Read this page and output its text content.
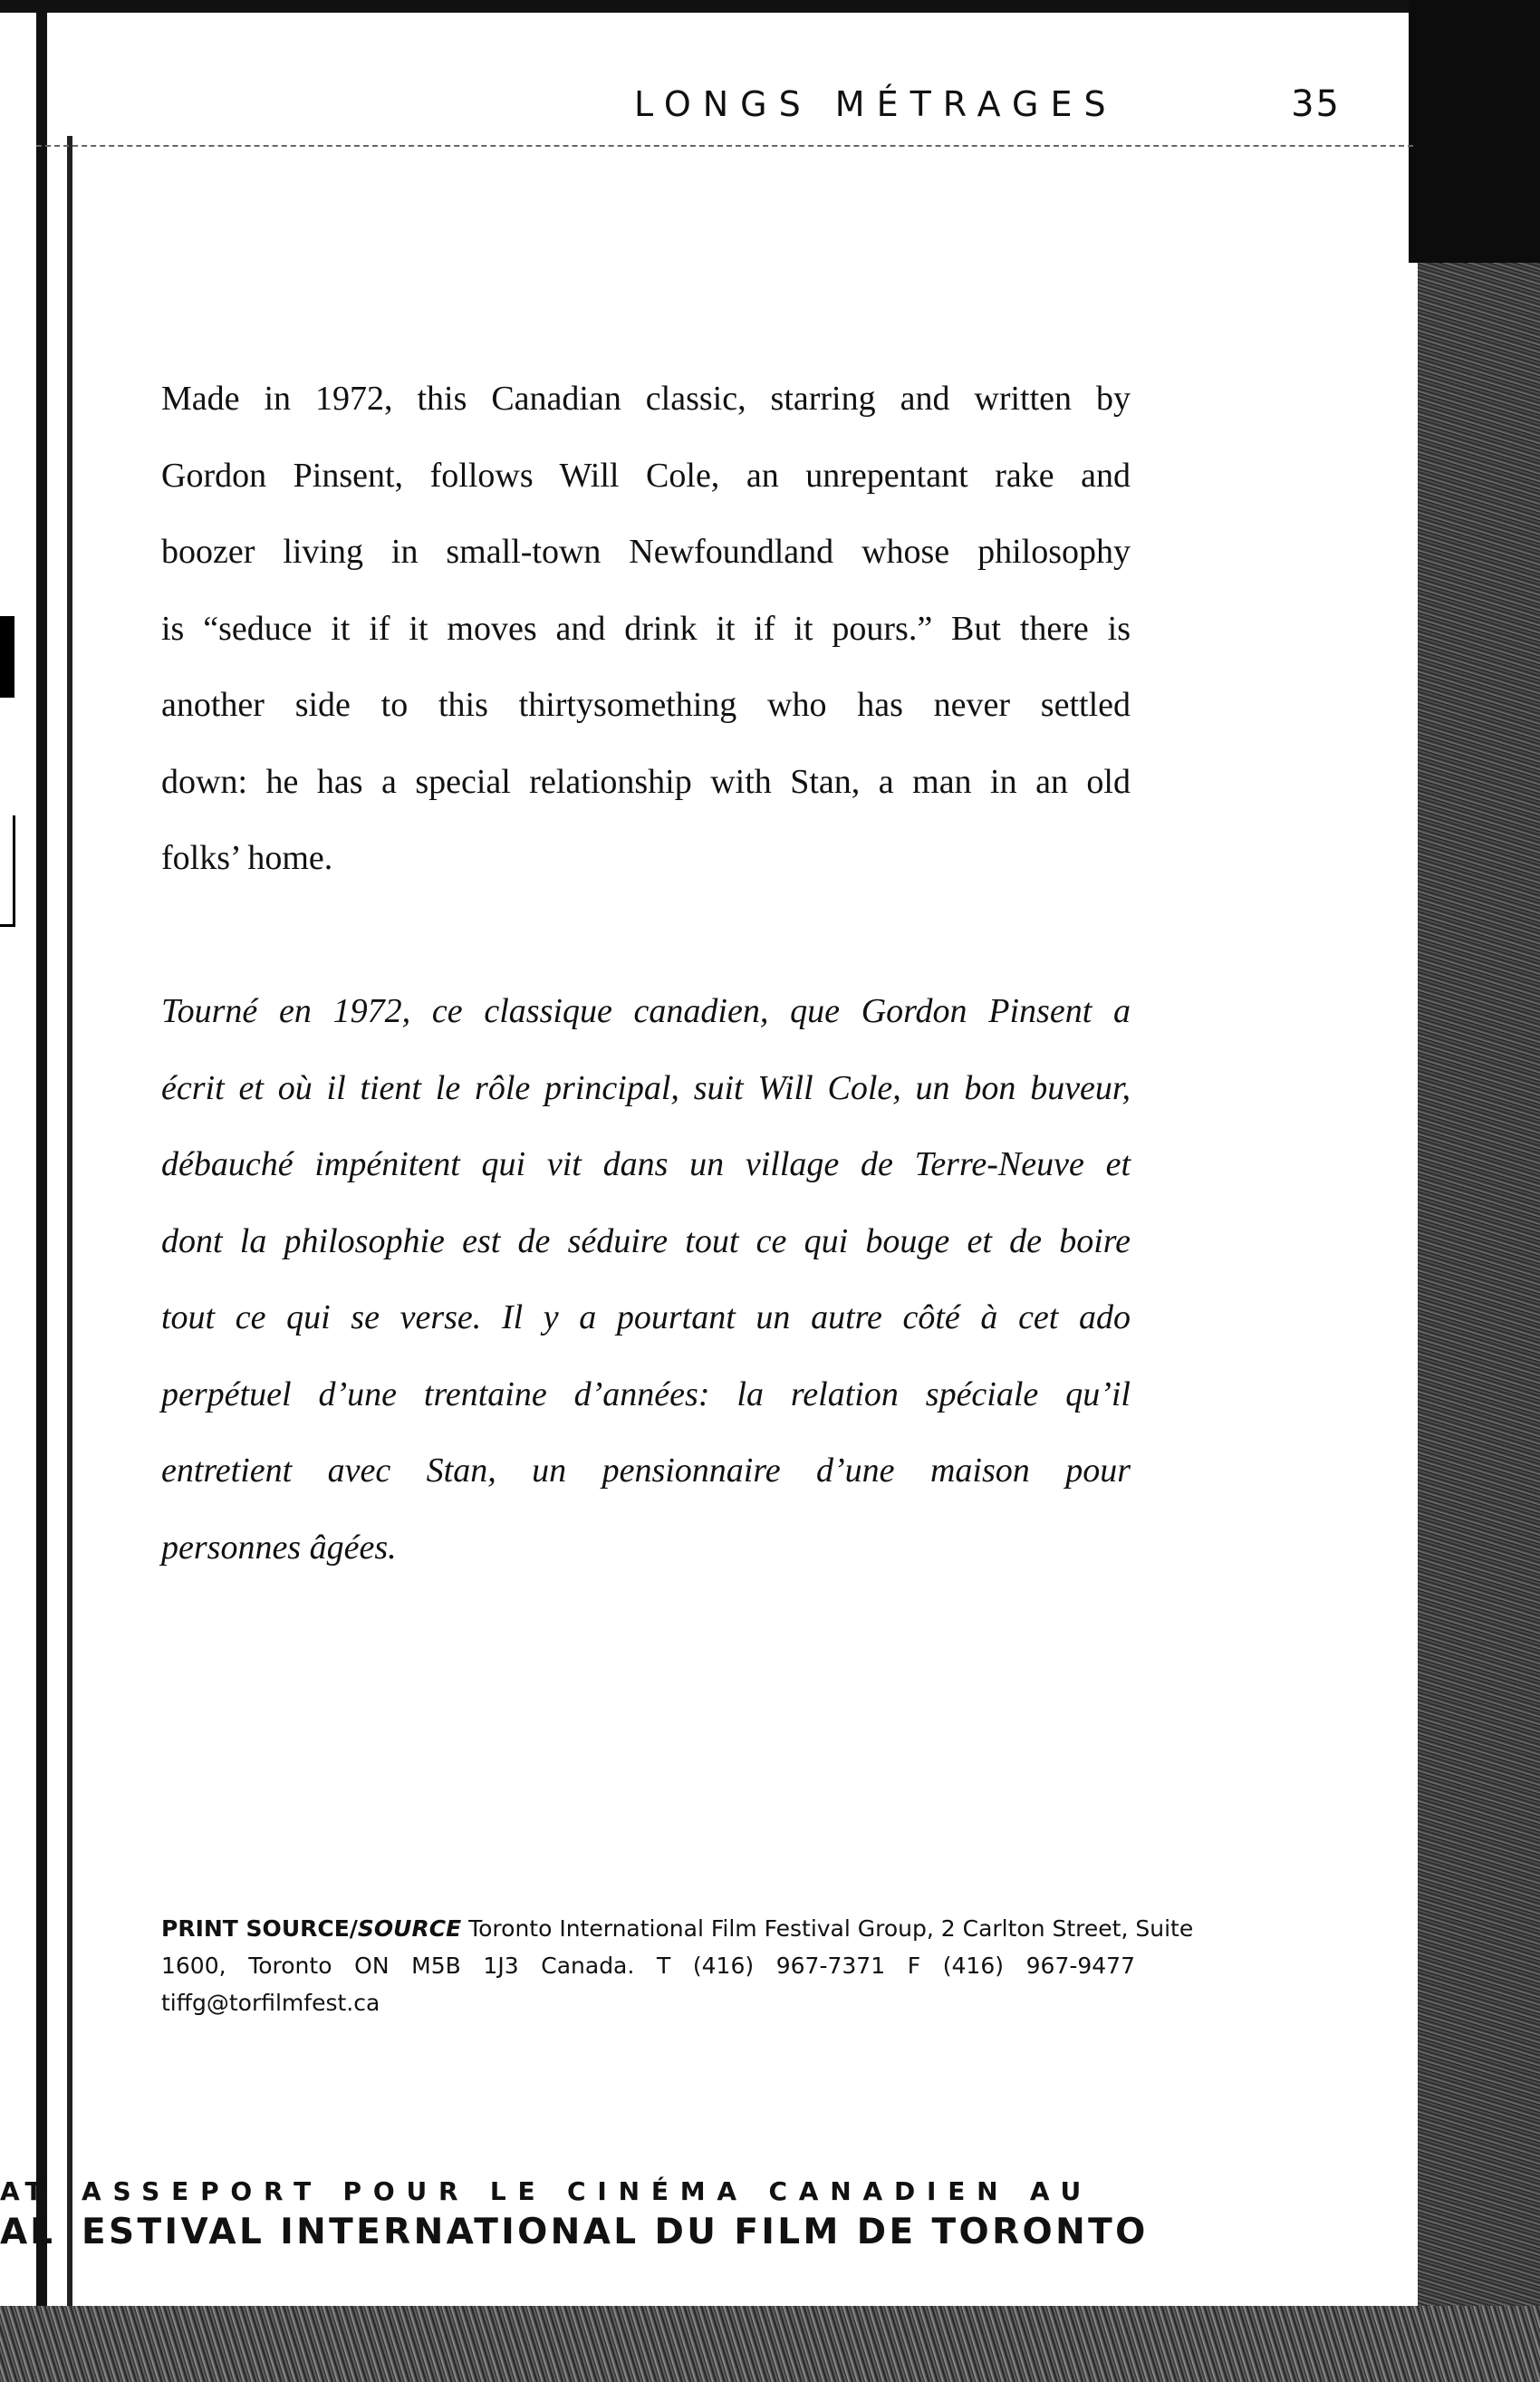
LONGS MÉTRAGES	35
Made in 1972, this Canadian classic, starring and written by
Gordon Pinsent, follows Will Cole, an unrepentant rake and
boozer living in small-town Newfoundland whose philosophy
is “seduce it if it moves and drink it if it pours.” But there is
another side to this thirtysomething who has never settled
down: he has a special relationship with Stan, a man in an old
folks’ home.
Tourné en 1972, ce classique canadien, que Gordon Pinsent a
écrit et où il tient le rôle principal, suit Will Cole, un bon buveur,
débauché impénitent qui vit dans un village de Terre-Neuve et
dont la philosophie est de séduire tout ce qui bouge et de boire
tout ce qui se verse. Il y a pourtant un autre côté à cet ado
perpétuel d’une trentaine d’années: la relation spéciale qu’il
entretient avec Stan, un pensionnaire d’une maison pour
personnes âgées.
PRINT SOURCE/SOURCE Toronto International Film Festival Group, 2 Carlton Street, Suite
1600, Toronto ON M5B 1J3 Canada. T (416) 967-7371 F (416) 967-9477
tiffg@torfilmfest.ca
AT
AL
ASSEPORT POUR LE CINÉMA CANADIEN AU
ESTIVAL INTERNATIONAL DU FILM DE TORONTO
